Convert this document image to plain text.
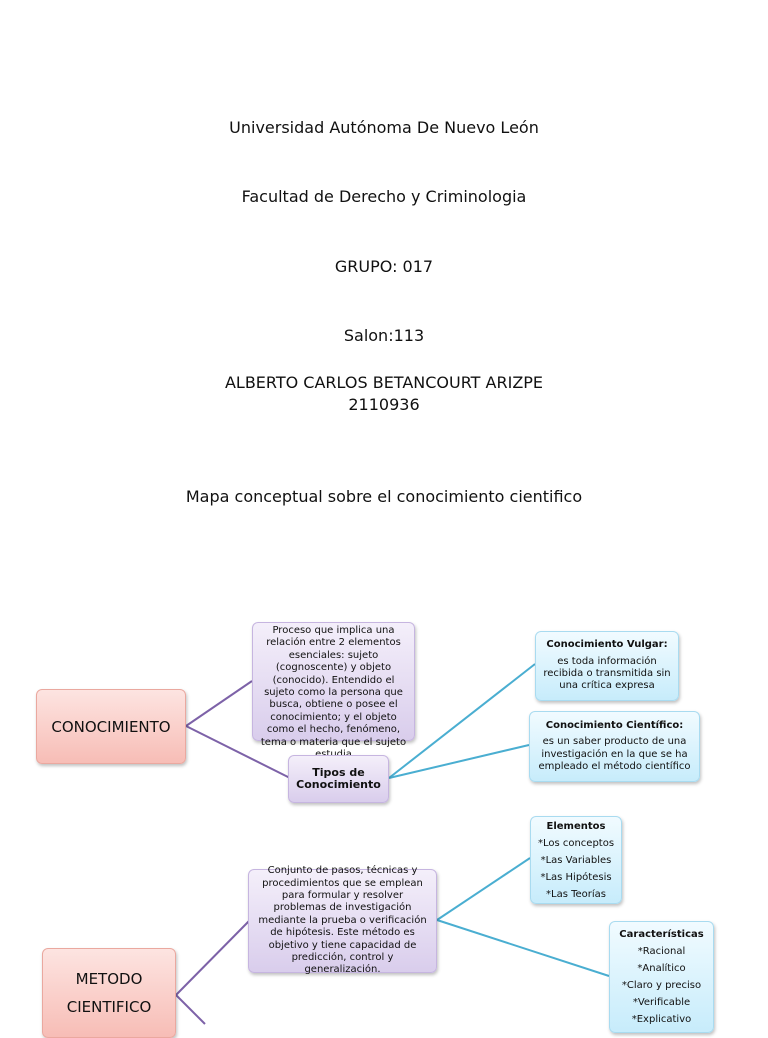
Universidad Autónoma De Nuevo León
Facultad de Derecho y Criminologia
GRUPO: 017
Salon:113
ALBERTO CARLOS BETANCOURT ARIZPE
2110936
Mapa conceptual sobre el conocimiento cientifico
CONOCIMIENTO
Proceso que implica una relación entre 2 elementos esenciales: sujeto (cognoscente) y objeto (conocido). Entendido el sujeto como la persona que busca, obtiene o posee el conocimiento; y el objeto como el hecho, fenómeno, tema o materia que el sujeto
Tipos de Conocimiento
Conocimiento Vulgar:
es toda información recibida o transmitida sin una crítica expresa
Conocimiento Científico:
es un saber producto de una investigación en la que se ha empleado el método científico
METODO
CIENTIFICO
Conjunto de pasos, técnicas y procedimientos que se emplean para formular y resolver problemas de investigación mediante la prueba o verificación de hipótesis. Este método es objetivo y tiene capacidad de predicción, control y generalización.
Elementos
*Los conceptos
*Las Variables
*Las Hipótesis
*Las Teorías
Características
*Racional
*Analítico
*Claro y preciso
*Verificable
*Explicativo
